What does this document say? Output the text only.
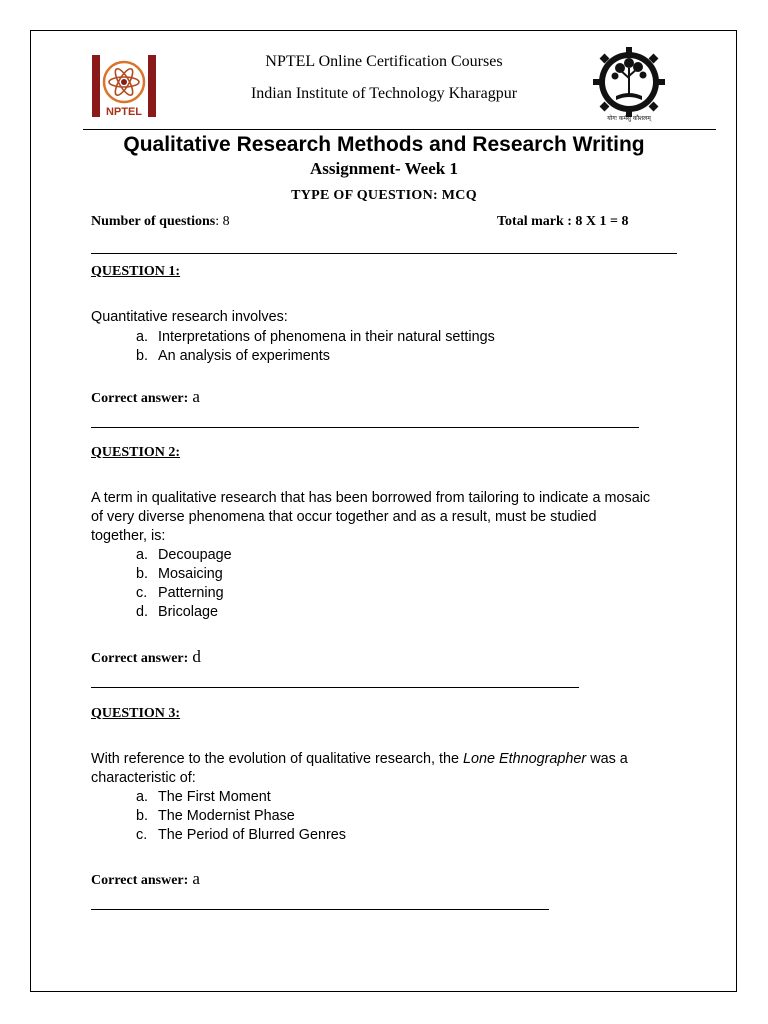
NPTEL
NPTEL Online Certification Courses
Indian Institute of Technology Kharagpur
योगः कर्मसु कौशलम्
Qualitative Research Methods and Research Writing
Assignment- Week 1
TYPE OF QUESTION: MCQ
Number of questions: 8	Total mark : 8 X 1 = 8
QUESTION 1:
Quantitative research involves:
a. Interpretations of phenomena in their natural settings
b. An analysis of experiments
Correct answer: a
QUESTION 2:
A term in qualitative research that has been borrowed from tailoring to indicate a mosaic
of very diverse phenomena that occur together and as a result, must be studied
together, is:
a. Decoupage
b. Mosaicing
c. Patterning
d. Bricolage
Correct answer: d
QUESTION 3:
With reference to the evolution of qualitative research, the Lone Ethnographer was a
characteristic of:
a. The First Moment
b. The Modernist Phase
c. The Period of Blurred Genres
Correct answer: a
